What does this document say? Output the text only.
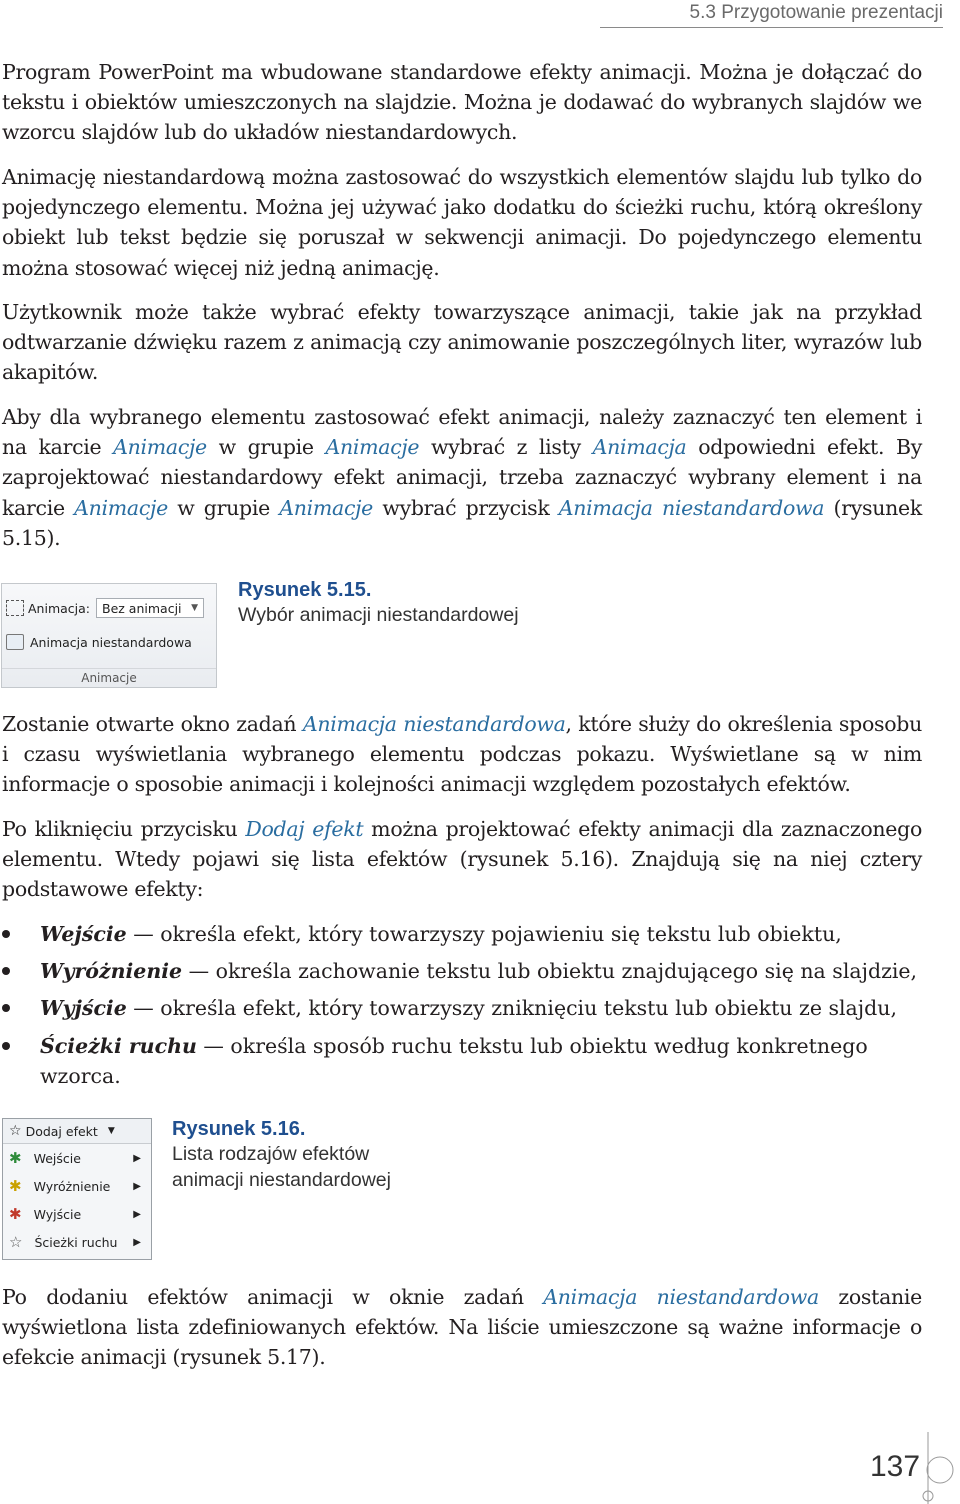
5.3 Przygotowanie prezentacji

Program PowerPoint ma wbudowane standardowe efekty animacji. Można je dołączać do tekstu i obiektów umieszczonych na slajdzie. Można je dodawać do wybranych slajdów we wzorcu slajdów lub do układów niestandardowych.

Animację niestandardową można zastosować do wszystkich elementów slajdu lub tylko do pojedynczego elementu. Można jej używać jako dodatku do ścieżki ruchu, którą określony obiekt lub tekst będzie się poruszał w sekwencji animacji. Do pojedynczego elementu można stosować więcej niż jedną animację.

Użytkownik może także wybrać efekty towarzyszące animacji, takie jak na przykład odtwarzanie dźwięku razem z animacją czy animowanie poszczególnych liter, wyrazów lub akapitów.

Aby dla wybranego elementu zastosować efekt animacji, należy zaznaczyć ten element i na karcie Animacje w grupie Animacje wybrać z listy Animacja odpowiedni efekt. By zaprojektować niestandardowy efekt animacji, trzeba zaznaczyć wybrany element i na karcie Animacje w grupie Animacje wybrać przycisk Animacja niestandardowa (rysunek 5.15).

Animacja: Bez animacji ▼
Animacja niestandardowa
Animacje
Rysunek 5.15.
Wybór animacji niestandardowej

Zostanie otwarte okno zadań Animacja niestandardowa, które służy do określenia sposobu i czasu wyświetlania wybranego elementu podczas pokazu. Wyświetlane są w nim informacje o sposobie animacji i kolejności animacji względem pozostałych efektów.

Po kliknięciu przycisku Dodaj efekt można projektować efekty animacji dla zaznaczonego elementu. Wtedy pojawi się lista efektów (rysunek 5.16). Znajdują się na niej cztery podstawowe efekty:

Wejście — określa efekt, który towarzyszy pojawieniu się tekstu lub obiektu,
Wyróżnienie — określa zachowanie tekstu lub obiektu znajdującego się na slajdzie,
Wyjście — określa efekt, który towarzyszy zniknięciu tekstu lub obiektu ze slajdu,
Ścieżki ruchu — określa sposób ruchu tekstu lub obiektu według konkretnego wzorca.
☆ Dodaj efekt ▼
✱ Wejście	▶
✱ Wyróżnienie ▶
✱ Wyjście	▶
☆ Ścieżki ruchu ▶
Rysunek 5.16.
Lista rodzajów efektów
animacji niestandardowej

Po dodaniu efektów animacji w oknie zadań Animacja niestandardowa zostanie wyświetlona lista zdefiniowanych efektów. Na liście umieszczone są ważne informacje o efekcie animacji (rysunek 5.17).

137
